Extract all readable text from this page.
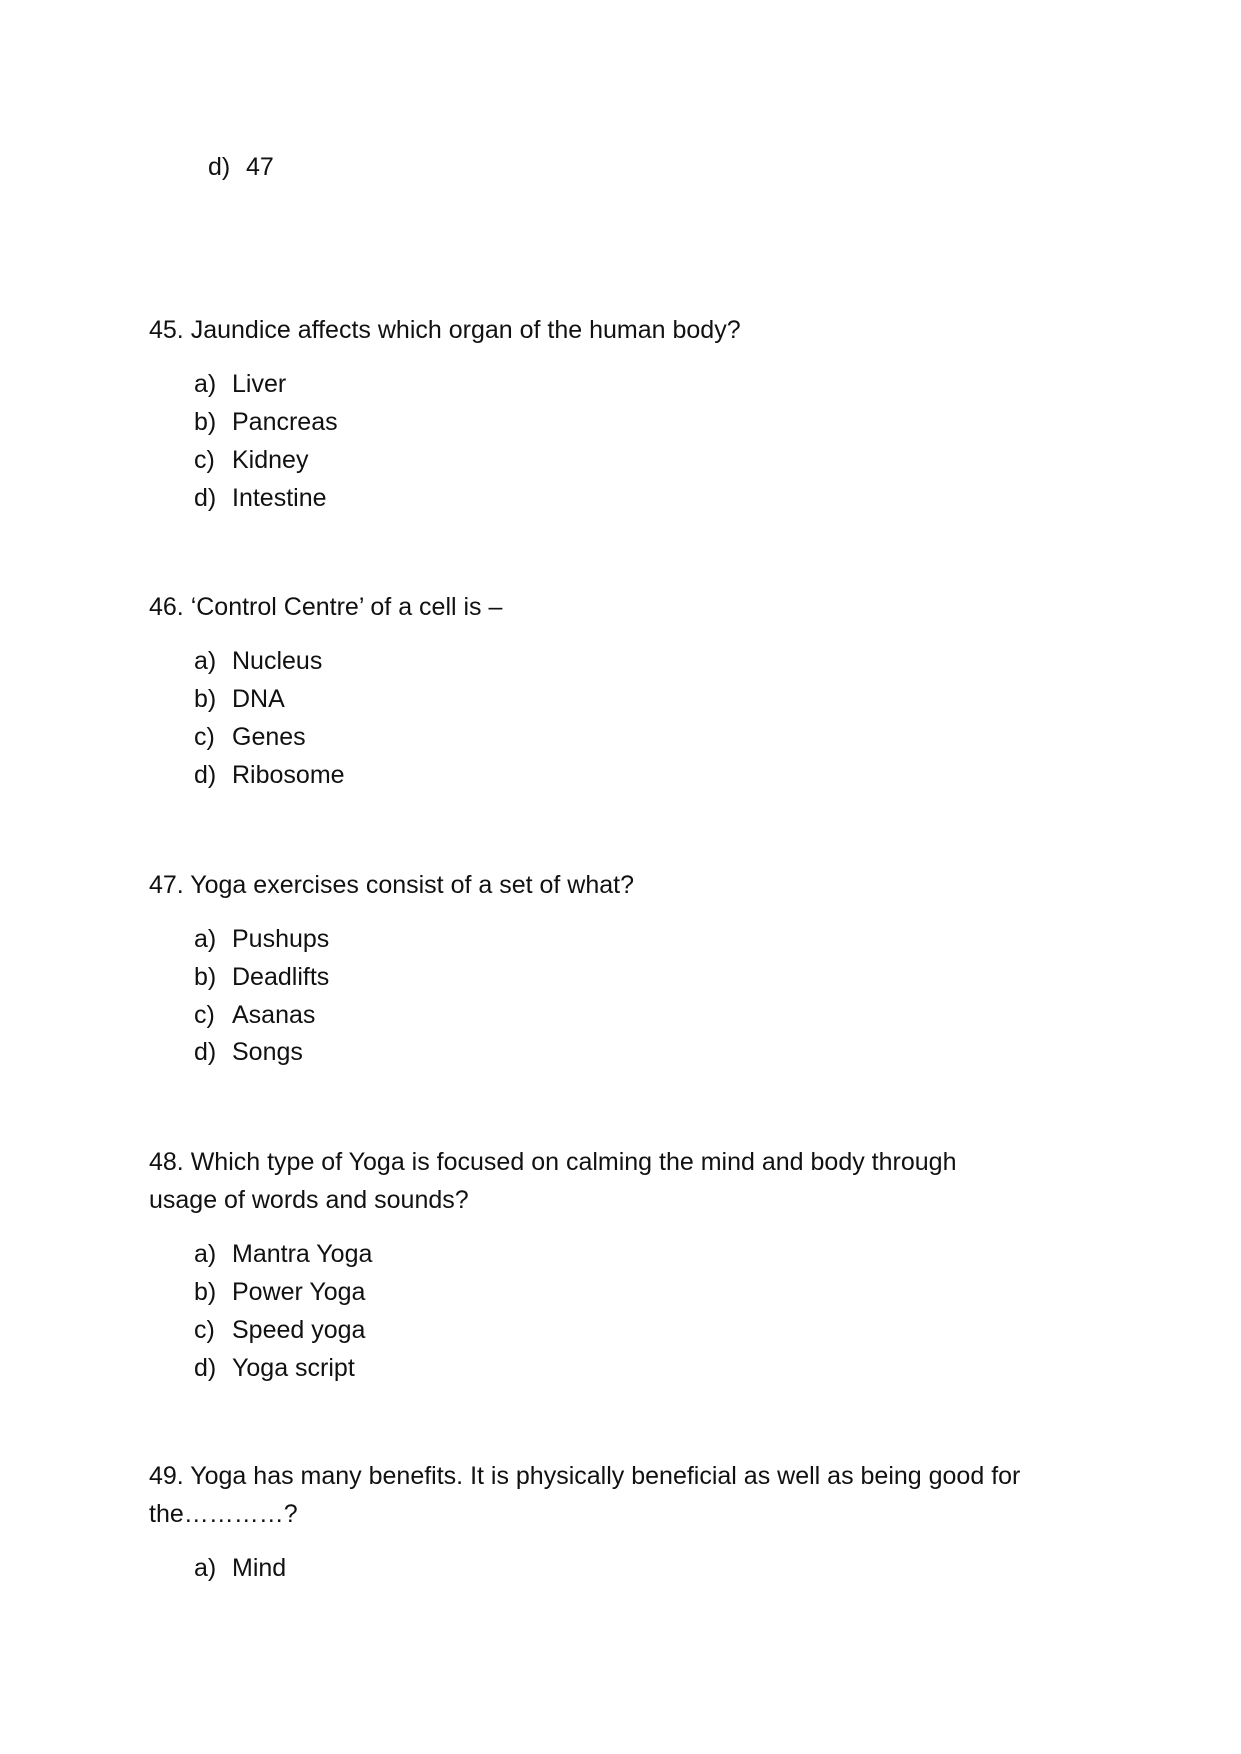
d) 47
45. Jaundice affects which organ of the human body?
a) Liver
b) Pancreas
c) Kidney
d) Intestine
46. ‘Control Centre’ of a cell is –
a) Nucleus
b) DNA
c) Genes
d) Ribosome
47. Yoga exercises consist of a set of what?
a) Pushups
b) Deadlifts
c) Asanas
d) Songs
48. Which type of Yoga is focused on calming the mind and body through
usage of words and sounds?
a) Mantra Yoga
b) Power Yoga
c) Speed yoga
d) Yoga script
49. Yoga has many benefits. It is physically beneficial as well as being good for
the…………?
a) Mind
